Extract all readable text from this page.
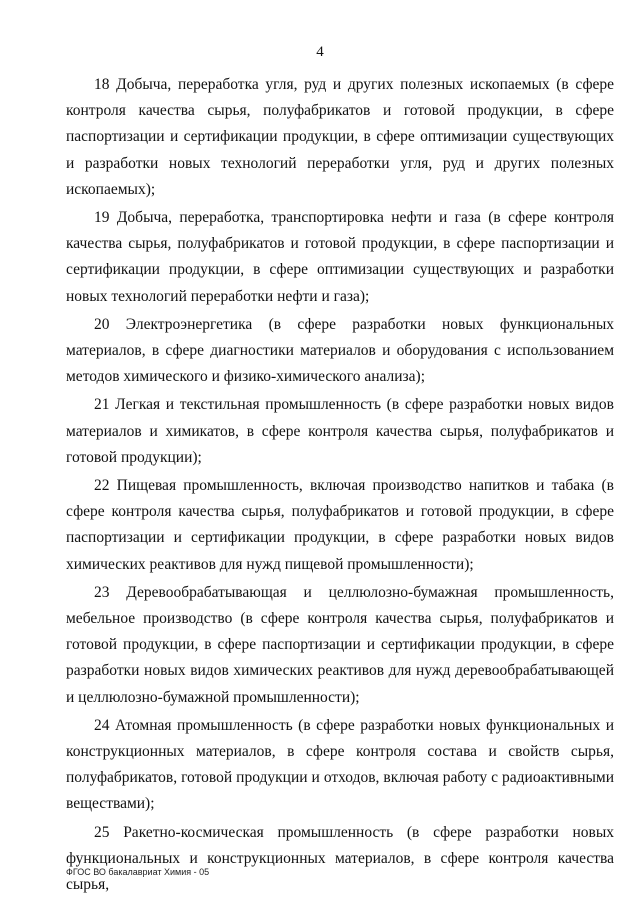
4

18 Добыча, переработка угля, руд и других полезных ископаемых (в сфере контроля качества сырья, полуфабрикатов и готовой продукции, в сфере паспортизации и сертификации продукции, в сфере оптимизации существующих и разработки новых технологий переработки угля, руд и других полезных ископаемых);

19 Добыча, переработка, транспортировка нефти и газа (в сфере контроля качества сырья, полуфабрикатов и готовой продукции, в сфере паспортизации и сертификации продукции, в сфере оптимизации существующих и разработки новых технологий переработки нефти и газа);

20 Электроэнергетика (в сфере разработки новых функциональных материалов, в сфере диагностики материалов и оборудования с использованием методов химического и физико-химического анализа);

21 Легкая и текстильная промышленность (в сфере разработки новых видов материалов и химикатов, в сфере контроля качества сырья, полуфабрикатов и готовой продукции);

22 Пищевая промышленность, включая производство напитков и табака (в сфере контроля качества сырья, полуфабрикатов и готовой продукции, в сфере паспортизации и сертификации продукции, в сфере разработки новых видов химических реактивов для нужд пищевой промышленности);

23 Деревообрабатывающая и целлюлозно-бумажная промышленность, мебельное производство (в сфере контроля качества сырья, полуфабрикатов и готовой продукции, в сфере паспортизации и сертификации продукции, в сфере разработки новых видов химических реактивов для нужд деревообрабатывающей и целлюлозно-бумажной промышленности);

24 Атомная промышленность (в сфере разработки новых функциональных и конструкционных материалов, в сфере контроля состава и свойств сырья, полуфабрикатов, готовой продукции и отходов, включая работу с радиоактивными веществами);

25 Ракетно-космическая промышленность (в сфере разработки новых функциональных и конструкционных материалов, в сфере контроля качества сырья,

ФГОС ВО бакалавриат Химия - 05
